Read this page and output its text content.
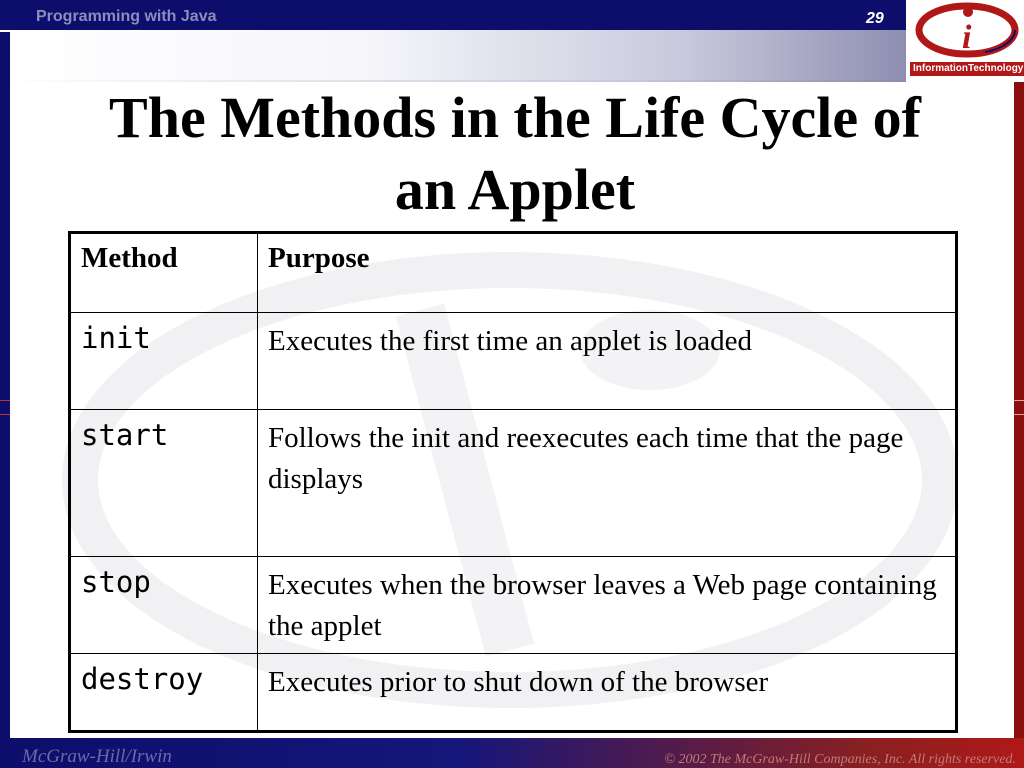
Programming with Java	29
i
InformationTechnology
The Methods in the Life Cycle of
an Applet
Method	Purpose
init	Executes the first time an applet is loaded
start	Follows the init and reexecutes each time that the page displays
stop	Executes when the browser leaves a Web page containing the applet
destroy	Executes prior to shut down of the browser
McGraw-Hill/Irwin	© 2002 The McGraw-Hill Companies, Inc. All rights reserved.
